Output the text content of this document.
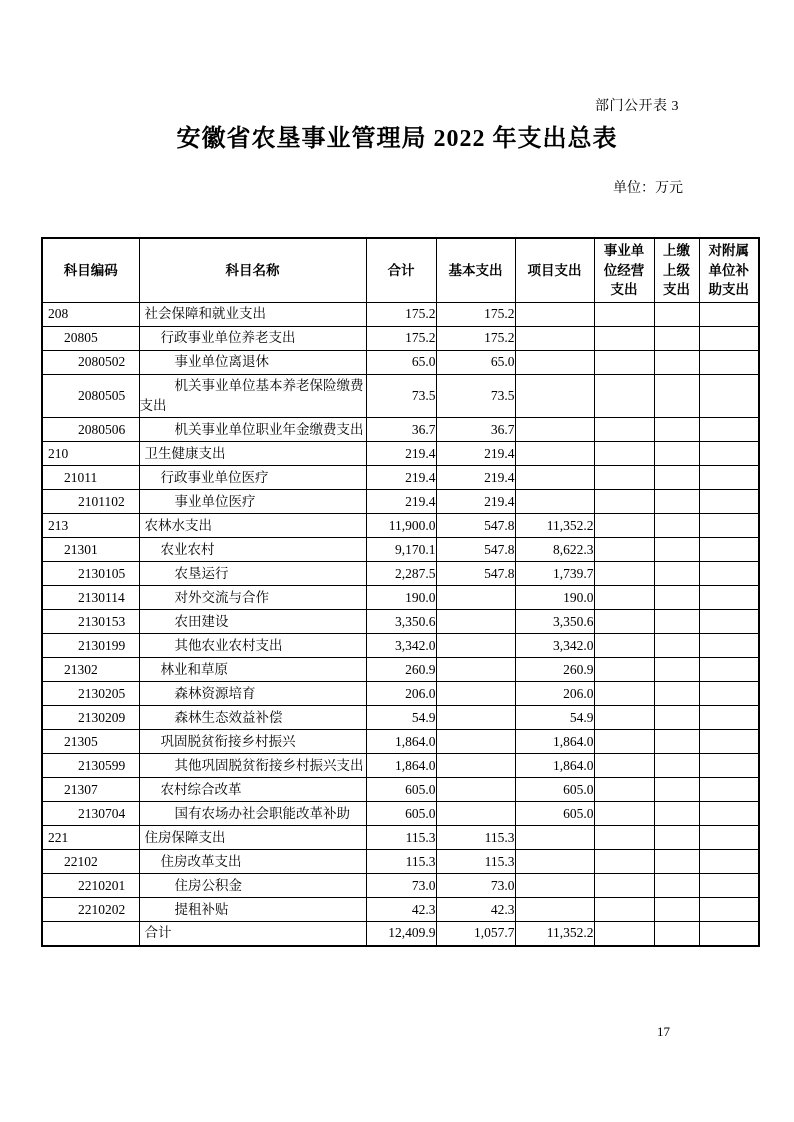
部门公开表 3
安徽省农垦事业管理局 2022 年支出总表
单位：万元
科目编码	科目名称	合计	基本支出	项目支出	事业单位经营支出	上缴上级支出	对附属单位补助支出
208	社会保障和就业支出	175.2	175.2				
20805	行政事业单位养老支出	175.2	175.2				
2080502	事业单位离退休	65.0	65.0				
2080505	机关事业单位基本养老保险缴费支出	73.5	73.5				
2080506	机关事业单位职业年金缴费支出	36.7	36.7				
210	卫生健康支出	219.4	219.4				
21011	行政事业单位医疗	219.4	219.4				
2101102	事业单位医疗	219.4	219.4				
213	农林水支出	11,900.0	547.8	11,352.2			
21301	农业农村	9,170.1	547.8	8,622.3			
2130105	农垦运行	2,287.5	547.8	1,739.7			
2130114	对外交流与合作	190.0		190.0			
2130153	农田建设	3,350.6		3,350.6			
2130199	其他农业农村支出	3,342.0		3,342.0			
21302	林业和草原	260.9		260.9			
2130205	森林资源培育	206.0		206.0			
2130209	森林生态效益补偿	54.9		54.9			
21305	巩固脱贫衔接乡村振兴	1,864.0		1,864.0			
2130599	其他巩固脱贫衔接乡村振兴支出	1,864.0		1,864.0			
21307	农村综合改革	605.0		605.0			
2130704	国有农场办社会职能改革补助	605.0		605.0			
221	住房保障支出	115.3	115.3				
22102	住房改革支出	115.3	115.3				
2210201	住房公积金	73.0	73.0				
2210202	提租补贴	42.3	42.3				
	合计	12,409.9	1,057.7	11,352.2			
17
